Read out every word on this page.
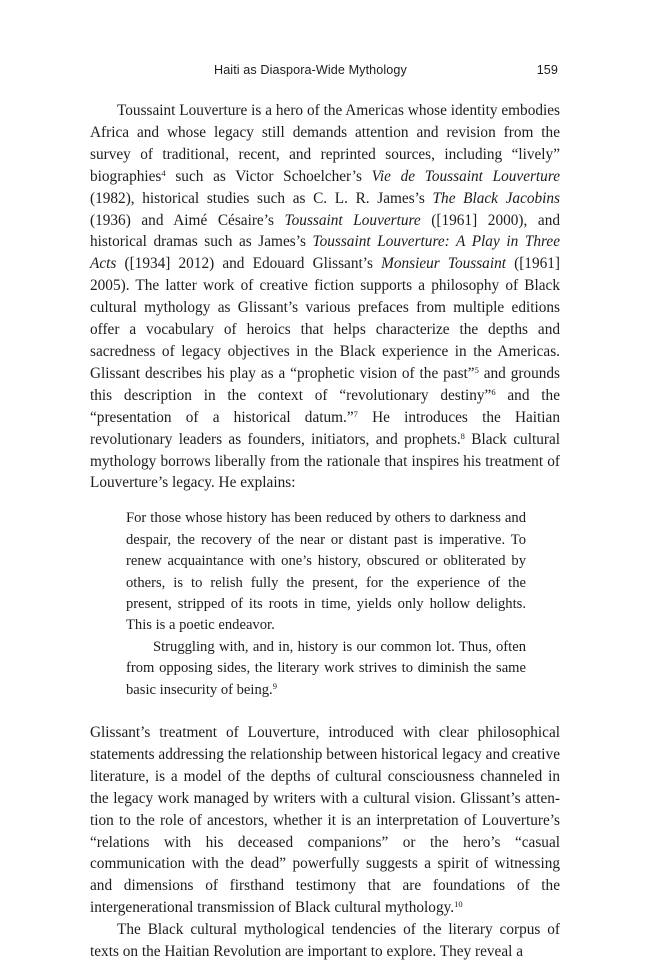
Haiti as Diaspora-Wide Mythology	159

Toussaint Louverture is a hero of the Americas whose identity embodies Africa and whose legacy still demands attention and revision from the survey of traditional, recent, and reprinted sources, including “lively” biographies$^4$ such as Victor Schoelcher’s Vie de Toussaint Louverture (1982), historical studies such as C. L. R. James’s The Black Jacobins (1936) and Aimé Césaire’s Toussaint Louverture ([1961] 2000), and historical dramas such as James’s Toussaint Louverture: A Play in Three Acts ([1934] 2012) and Edouard Glissant’s Monsieur Toussaint ([1961] 2005). The latter work of creative fiction supports a philosophy of Black cultural mythology as Glissant’s various prefaces from multiple editions offer a vocabulary of heroics that helps characterize the depths and sacredness of legacy objectives in the Black experience in the Americas. Glissant describes his play as a “prophetic vision of the past”$^5$ and grounds this description in the context of “revolutionary destiny”$^6$ and the “presentation of a historical datum.”$^7$ He introduces the Haitian revolutionary leaders as founders, initiators, and prophets.$^8$ Black cultural mythology borrows liberally from the rationale that inspires his treatment of Louverture’s legacy. He explains:

For those whose history has been reduced by others to darkness and despair, the recovery of the near or distant past is imperative. To renew acquaintance with one’s history, obscured or obliterated by others, is to relish fully the present, for the experience of the present, stripped of its roots in time, yields only hollow delights. This is a poetic endeavor.

Struggling with, and in, history is our common lot. Thus, often from opposing sides, the literary work strives to diminish the same basic insecurity of being.$^9$

Glissant’s treatment of Louverture, introduced with clear philosophical statements addressing the relationship between historical legacy and creative literature, is a model of the depths of cultural consciousness channeled in the legacy work managed by writers with a cultural vision. Glissant’s attention to the role of ancestors, whether it is an interpretation of Louverture’s “relations with his deceased companions” or the hero’s “casual communication with the dead” powerfully suggests a spirit of witnessing and dimensions of firsthand testimony that are foundations of the intergenerational transmission of Black cultural mythology.$^{10}$

The Black cultural mythological tendencies of the literary corpus of texts on the Haitian Revolution are important to explore. They reveal a
